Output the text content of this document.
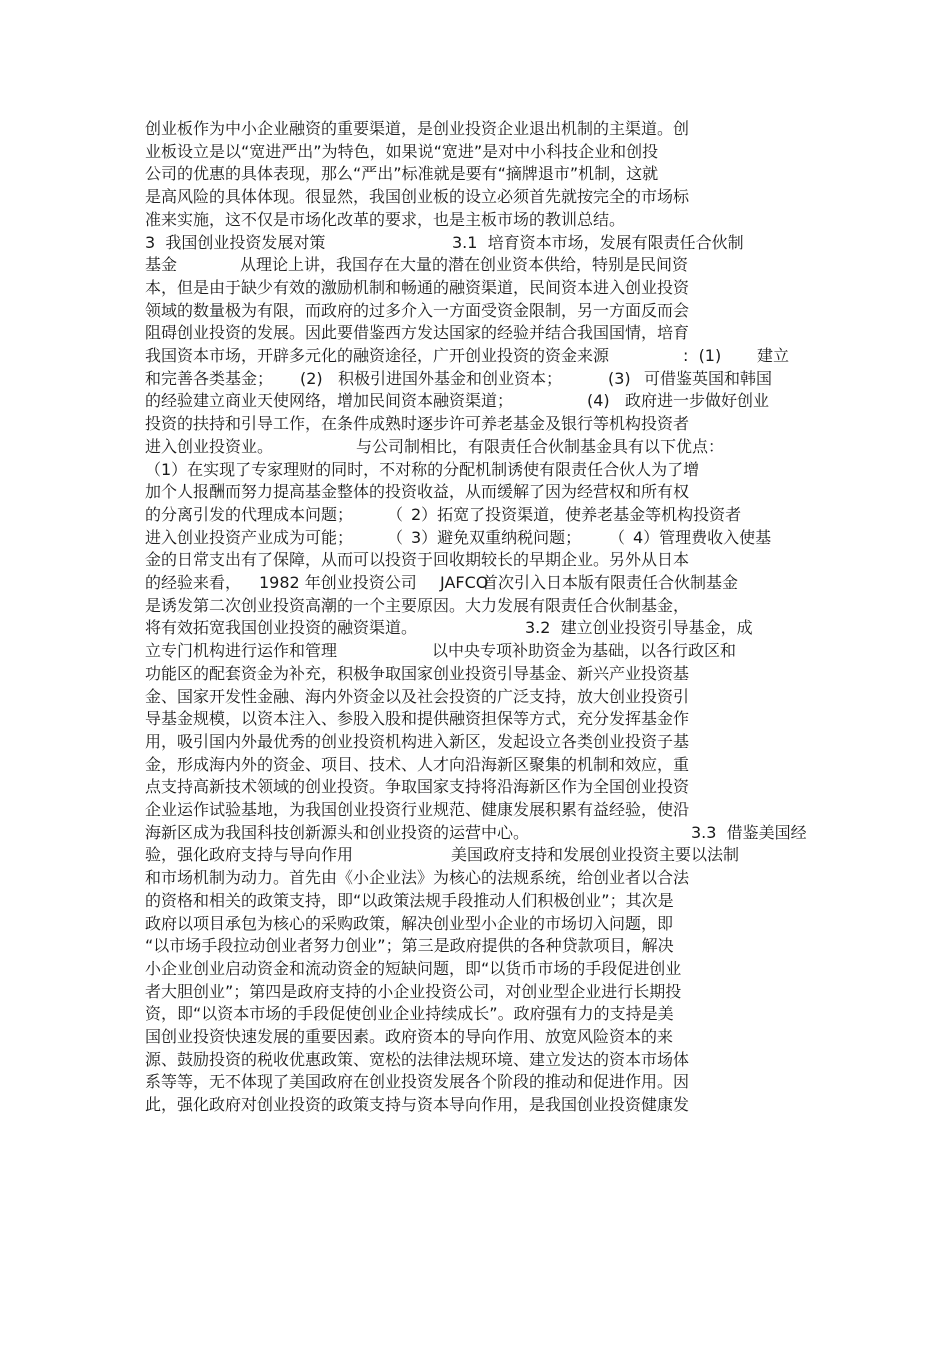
创业板作为中小企业融资的重要渠道，是创业投资企业退出机制的主渠道。创
业板设立是以“宽进严出”为特色，如果说“宽进”是对中小科技企业和创投
公司的优惠的具体表现，那么“严出”标准就是要有“摘牌退市”机制，这就
是高风险的具体体现。很显然，我国创业板的设立必须首先就按完全的市场标
准来实施，这不仅是市场化改革的要求，也是主板市场的教训总结。
3  我国创业投资发展对策	3.1  培育资本市场，发展有限责任合伙制
基金	从理论上讲，我国存在大量的潜在创业资本供给，特别是民间资
本，但是由于缺少有效的激励机制和畅通的融资渠道，民间资本进入创业投资
领域的数量极为有限，而政府的过多介入一方面受资金限制，另一方面反而会
阻碍创业投资的发展。因此要借鉴西方发达国家的经验并结合我国国情，培育
我国资本市场，开辟多元化的融资途径，广开创业投资的资金来源	:  (1) 建立
和完善各类基金； (2) 积极引进国外基金和创业资本；	(3) 可借鉴英国和韩国
的经验建立商业天使网络，增加民间资本融资渠道；	(4) 政府进一步做好创业
投资的扶持和引导工作，在条件成熟时逐步许可养老基金及银行等机构投资者
进入创业投资业。	与公司制相比，有限责任合伙制基金具有以下优点：
（1）在实现了专家理财的同时，不对称的分配机制诱使有限责任合伙人为了增
加个人报酬而努力提高基金整体的投资收益，从而缓解了因为经营权和所有权
的分离引发的代理成本问题； （ 2）拓宽了投资渠道，使养老基金等机构投资者
进入创业投资产业成为可能； （ 3）避免双重纳税问题； （ 4）管理费收入使基
金的日常支出有了保障，从而可以投资于回收期较长的早期企业。另外从日本
的经验来看， 1982 年创业投资公司 JAFCO
首次引入日本版有限责任合伙制基金
是诱发第二次创业投资高潮的一个主要原因。大力发展有限责任合伙制基金，
将有效拓宽我国创业投资的融资渠道。	3.2  建立创业投资引导基金，成
立专门机构进行运作和管理	以中央专项补助资金为基础，以各行政区和
功能区的配套资金为补充，积极争取国家创业投资引导基金、新兴产业投资基
金、国家开发性金融、海内外资金以及社会投资的广泛支持，放大创业投资引
导基金规模，以资本注入、参股入股和提供融资担保等方式，充分发挥基金作
用，吸引国内外最优秀的创业投资机构进入新区，发起设立各类创业投资子基
金，形成海内外的资金、项目、技术、人才向沿海新区聚集的机制和效应，重
点支持高新技术领域的创业投资。争取国家支持将沿海新区作为全国创业投资
企业运作试验基地，为我国创业投资行业规范、健康发展积累有益经验，使沿
海新区成为我国科技创新源头和创业投资的运营中心。	3.3  借鉴美国经
验，强化政府支持与导向作用	美国政府支持和发展创业投资主要以法制
和市场机制为动力。首先由《小企业法》为核心的法规系统，给创业者以合法
的资格和相关的政策支持，即“以政策法规手段推动人们积极创业”；其次是
政府以项目承包为核心的采购政策，解决创业型小企业的市场切入问题，即
“以市场手段拉动创业者努力创业”；第三是政府提供的各种贷款项目，解决
小企业创业启动资金和流动资金的短缺问题，即“以货币市场的手段促进创业
者大胆创业”；第四是政府支持的小企业投资公司，对创业型企业进行长期投
资，即“以资本市场的手段促使创业企业持续成长”。政府强有力的支持是美
国创业投资快速发展的重要因素。政府资本的导向作用、放宽风险资本的来
源、鼓励投资的税收优惠政策、宽松的法律法规环境、建立发达的资本市场体
系等等，无不体现了美国政府在创业投资发展各个阶段的推动和促进作用。因
此，强化政府对创业投资的政策支持与资本导向作用，是我国创业投资健康发
